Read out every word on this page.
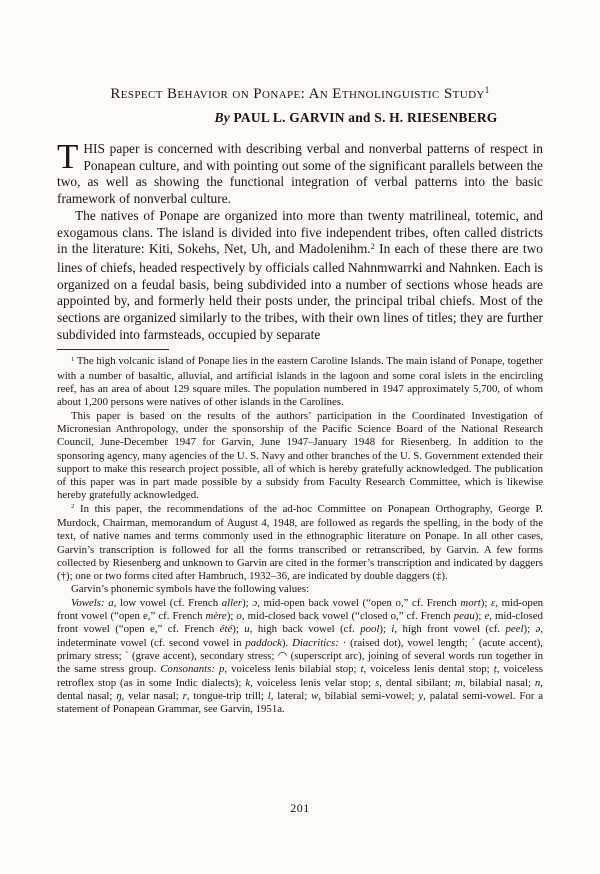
Respect Behavior on Ponape: An Ethnolinguistic Study$^1$
By PAUL L. GARVIN and S. H. RIESENBERG

THIS paper is concerned with describing verbal and nonverbal patterns of respect in Ponapean culture, and with pointing out some of the significant parallels between the two, as well as showing the functional integration of verbal patterns into the basic framework of nonverbal culture.

The natives of Ponape are organized into more than twenty matrilineal, totemic, and exogamous clans. The island is divided into five independent tribes, often called districts in the literature: Kiti, Sokehs, Net, Uh, and Madolenihm.$^2$ In each of these there are two lines of chiefs, headed respectively by officials called Nahnmwarrki and Nahnken. Each is organized on a feudal basis, being subdivided into a number of sections whose heads are appointed by, and formerly held their posts under, the principal tribal chiefs. Most of the sections are organized similarly to the tribes, with their own lines of titles; they are further subdivided into farmsteads, occupied by separate

$^1$ The high volcanic island of Ponape lies in the eastern Caroline Islands. The main island of Ponape, together with a number of basaltic, alluvial, and artificial islands in the lagoon and some coral islets in the encircling reef, has an area of about 129 square miles. The population numbered in 1947 approximately 5,700, of whom about 1,200 persons were natives of other islands in the Carolines.

This paper is based on the results of the authors’ participation in the Coordinated Investigation of Micronesian Anthropology, under the sponsorship of the Pacific Science Board of the National Research Council, June-December 1947 for Garvin, June 1947–January 1948 for Riesenberg. In addition to the sponsoring agency, many agencies of the U. S. Navy and other branches of the U. S. Government extended their support to make this research project possible, all of which is hereby gratefully acknowledged. The publication of this paper was in part made possible by a subsidy from Faculty Research Committee, which is likewise hereby gratefully acknowledged.

$^2$ In this paper, the recommendations of the ad-hoc Committee on Ponapean Orthography, George P. Murdock, Chairman, memorandum of August 4, 1948, are followed as regards the spelling, in the body of the text, of native names and terms commonly used in the ethnographic literature on Ponape. In all other cases, Garvin’s transcription is followed for all the forms transcribed or retranscribed, by Garvin. A few forms collected by Riesenberg and unknown to Garvin are cited in the former’s transcription and indicated by daggers (†); one or two forms cited after Hambruch, 1932–36, are indicated by double daggers (‡).

Garvin’s phonemic symbols have the following values:

Vowels: a, low vowel (cf. French aller); ɔ, mid-open back vowel (“open o,” cf. French mort); ε, mid-open front vowel (“open e,” cf. French mère); o, mid-closed back vowel (“closed o,” cf. French peau); e, mid-closed front vowel (“open e,” cf. French été); u, high back vowel (cf. pool); i, high front vowel (cf. peel); ə, indeterminate vowel (cf. second vowel in paddock). Diacritics: · (raised dot), vowel length; ´ (acute accent), primary stress; ` (grave accent), secondary stress; ◠ (superscript arc), joining of several words run together in the same stress group. Consonants: p, voiceless lenis bilabial stop; t, voiceless lenis dental stop; ṭ, voiceless retroflex stop (as in some Indic dialects); k, voiceless lenis velar stop; s, dental sibilant; m, bilabial nasal; n, dental nasal; ŋ, velar nasal; r, tongue-trip trill; l, lateral; w, bilabial semi-vowel; y, palatal semi-vowel. For a statement of Ponapean Grammar, see Garvin, 1951a.

201
